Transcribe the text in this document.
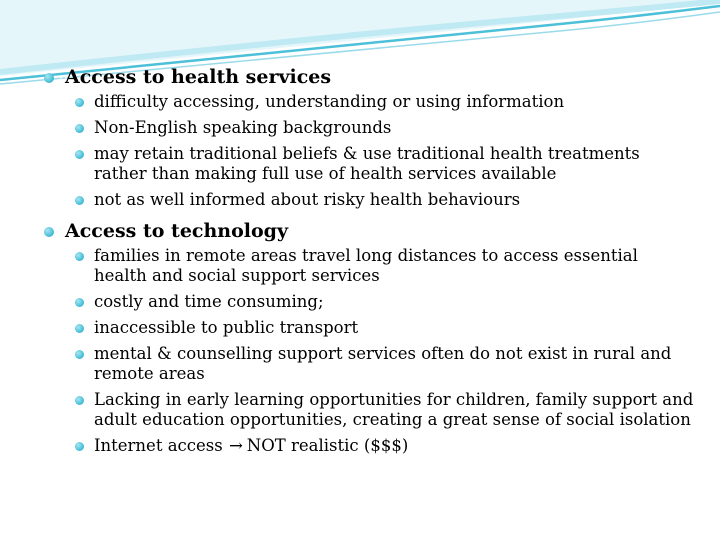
Access to health services
difficulty accessing, understanding or using information
Non-English speaking backgrounds
may retain traditional beliefs & use traditional health treatments rather than making full use of health services available
not as well informed about risky health behaviours
Access to technology
families in remote areas travel long distances to access essential health and social support services
costly and time consuming;
inaccessible to public transport
mental & counselling support services often do not exist in rural and remote areas
Lacking in early learning opportunities for children, family support and adult education opportunities, creating a great sense of social isolation
Internet access → NOT realistic ($$$)
